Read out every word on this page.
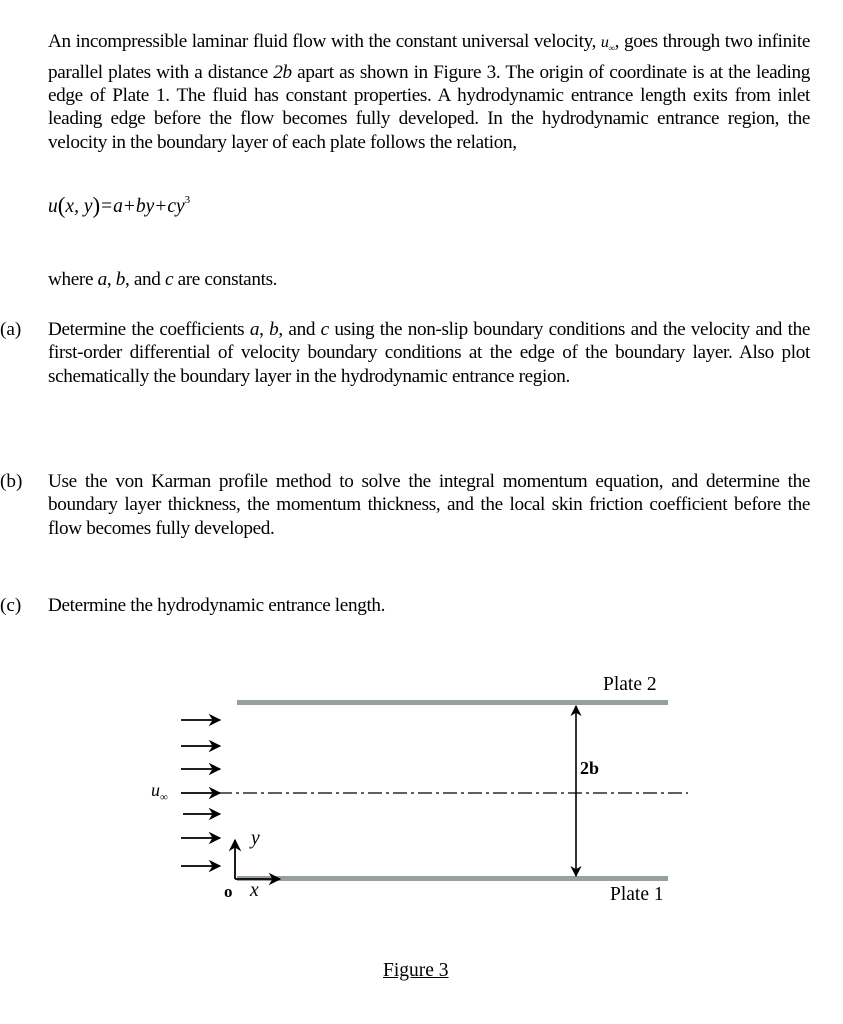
An incompressible laminar fluid flow with the constant universal velocity, $u_\infty$, goes through two infinite parallel plates with a distance 2b apart as shown in Figure 3. The origin of coordinate is at the leading edge of Plate 1. The fluid has constant properties. A hydrodynamic entrance length exits from inlet leading edge before the flow becomes fully developed. In the hydrodynamic entrance region, the velocity in the boundary layer of each plate follows the relation,
u(x, $y)=a+by+cy^3$
where a, b, and c are constants.
(a) Determine the coefficients a, b, and c using the non-slip boundary conditions and the velocity and the first-order differential of velocity boundary conditions at the edge of the boundary layer. Also plot schematically the boundary layer in the hydrodynamic entrance region.
(b) Use the von Karman profile method to solve the integral momentum equation, and determine the boundary layer thickness, the momentum thickness, and the local skin friction coefficient before the flow becomes fully developed.
(c) Determine the hydrodynamic entrance length.
Plate 2
Plate 1
2b
$u_\infty$
o x
y
Figure 3
